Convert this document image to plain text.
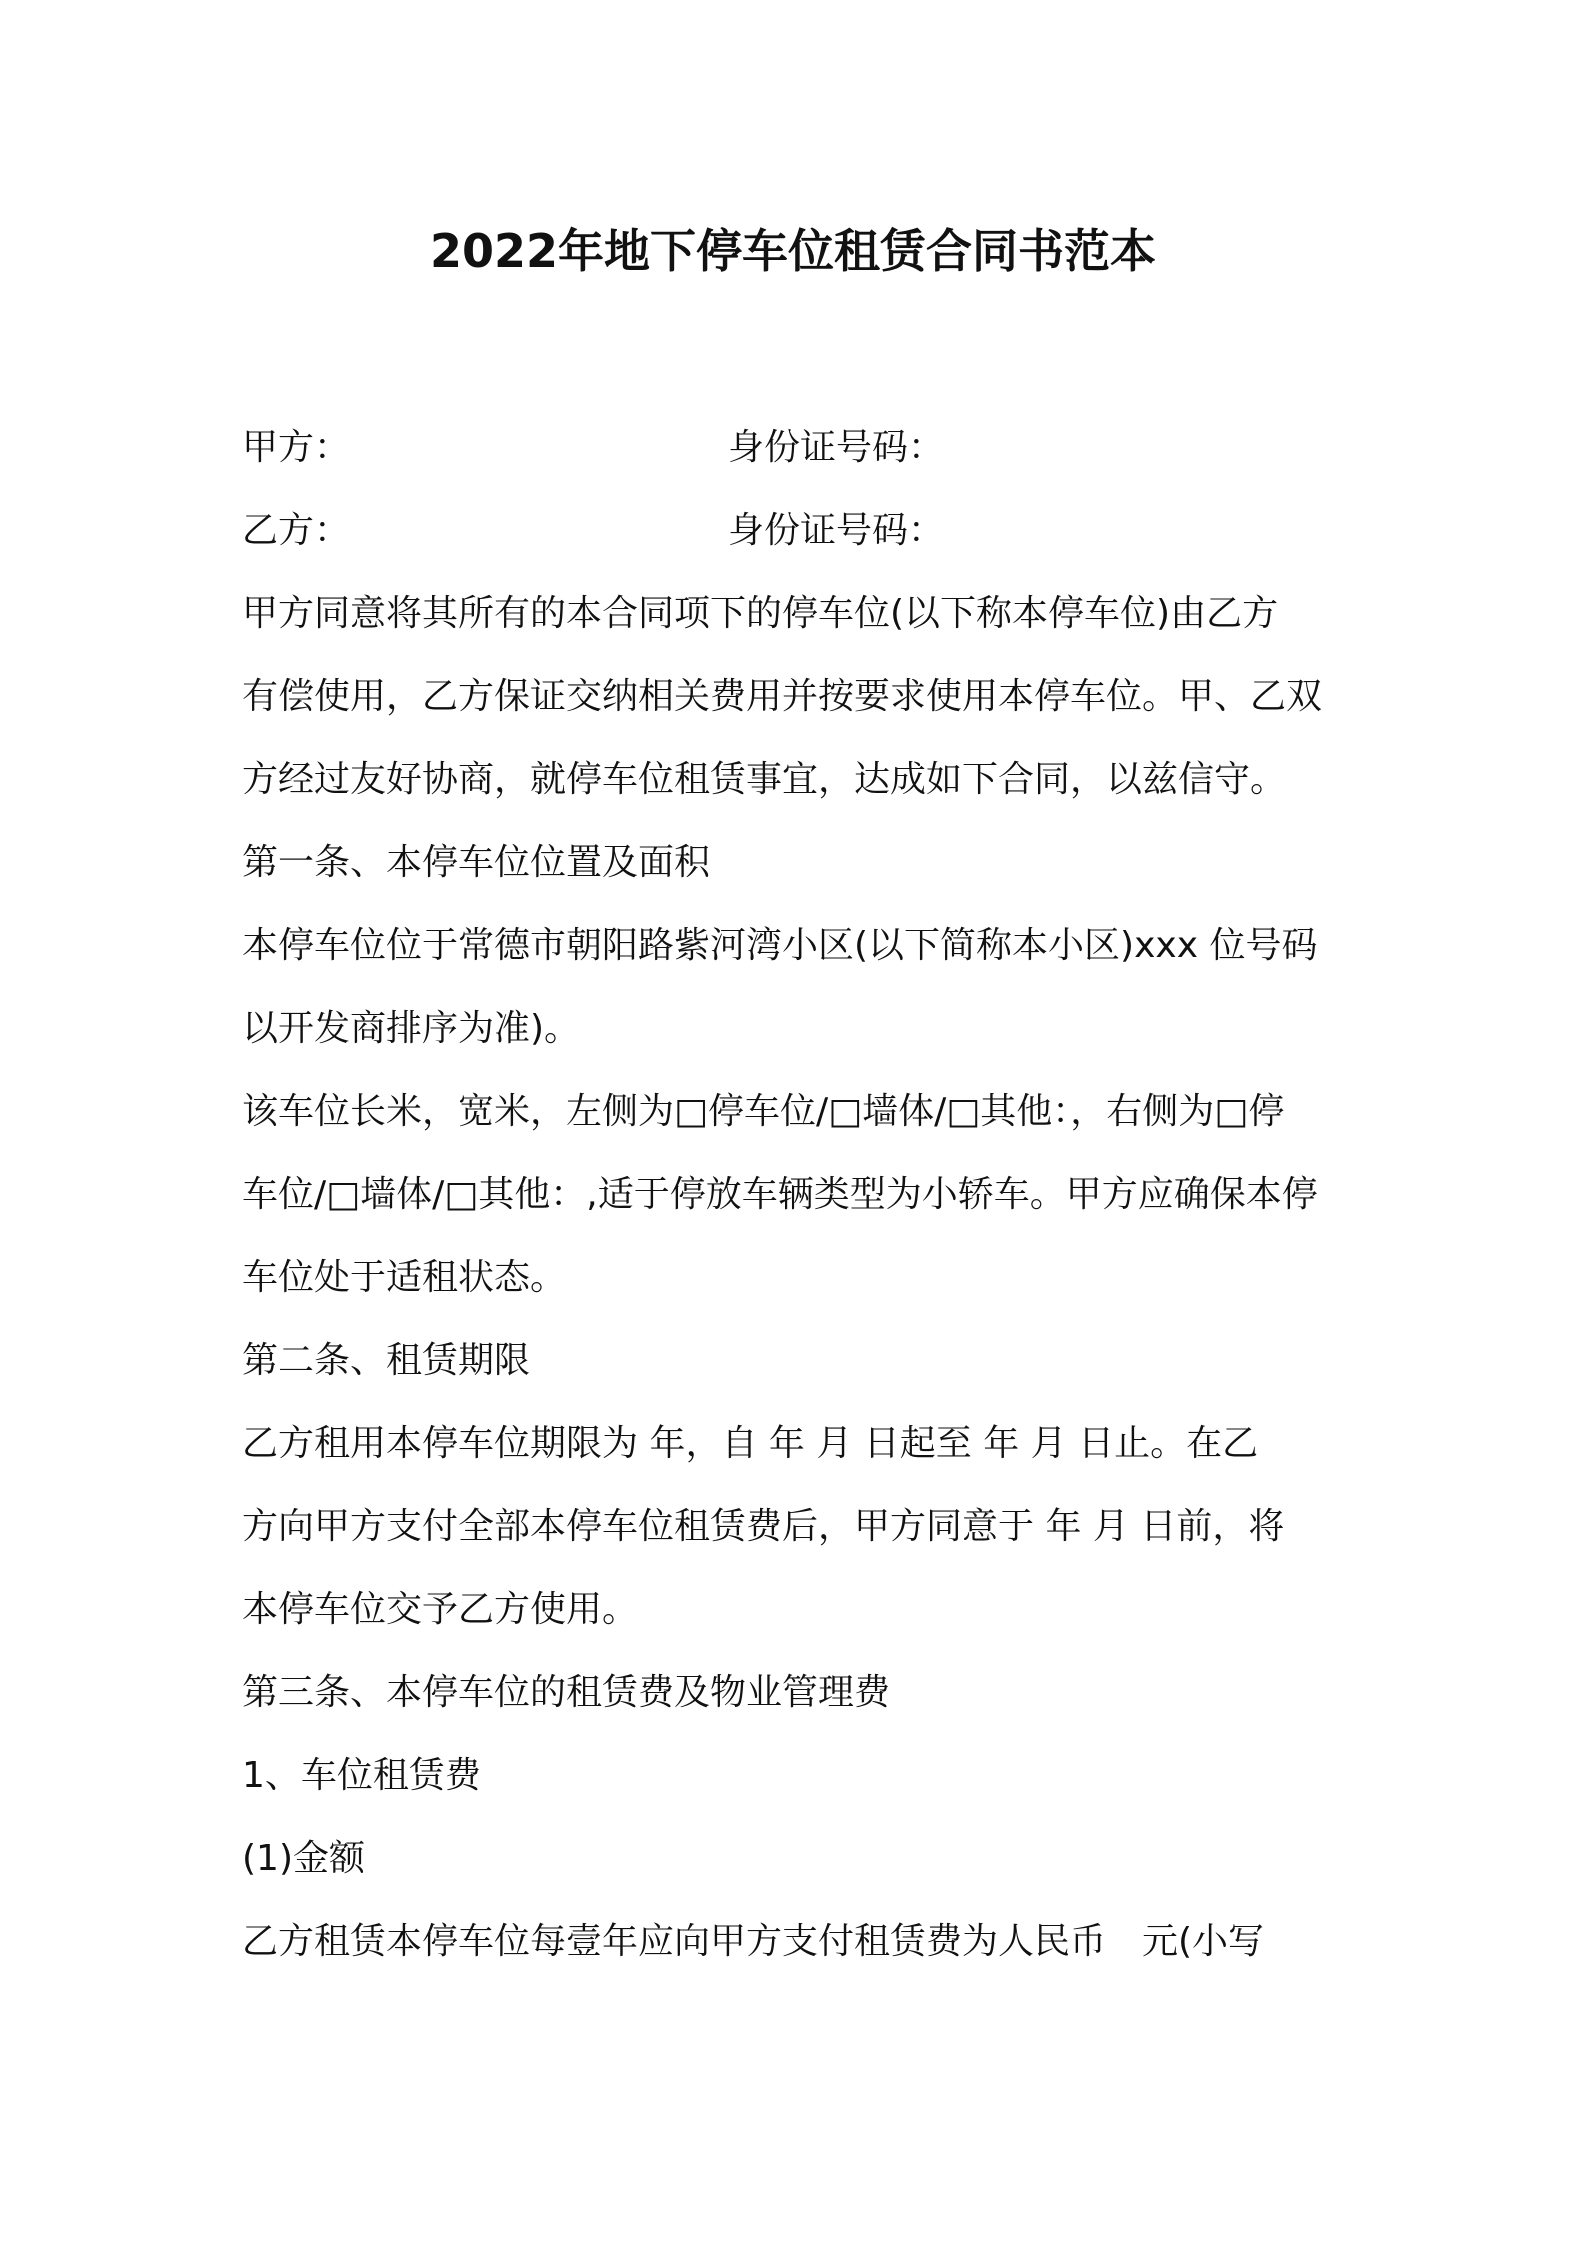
2022年地下停车位租赁合同书范本
甲方：	身份证号码：
乙方：	身份证号码：
甲方同意将其所有的本合同项下的停车位(以下称本停车位)由乙方
有偿使用，乙方保证交纳相关费用并按要求使用本停车位。甲、乙双
方经过友好协商，就停车位租赁事宜，达成如下合同，以兹信守。
第一条、本停车位位置及面积
本停车位位于常德市朝阳路紫河湾小区(以下简称本小区)xxx 位号码
以开发商排序为准)。
该车位长米，宽米，左侧为□停车位/□墙体/□其他：，右侧为□停
车位/□墙体/□其他：,适于停放车辆类型为小轿车。甲方应确保本停
车位处于适租状态。
第二条、租赁期限
乙方租用本停车位期限为 年，自 年 月 日起至 年 月 日止。在乙
方向甲方支付全部本停车位租赁费后，甲方同意于 年 月 日前，将
本停车位交予乙方使用。
第三条、本停车位的租赁费及物业管理费
1、车位租赁费
(1)金额
乙方租赁本停车位每壹年应向甲方支付租赁费为人民币　元(小写
